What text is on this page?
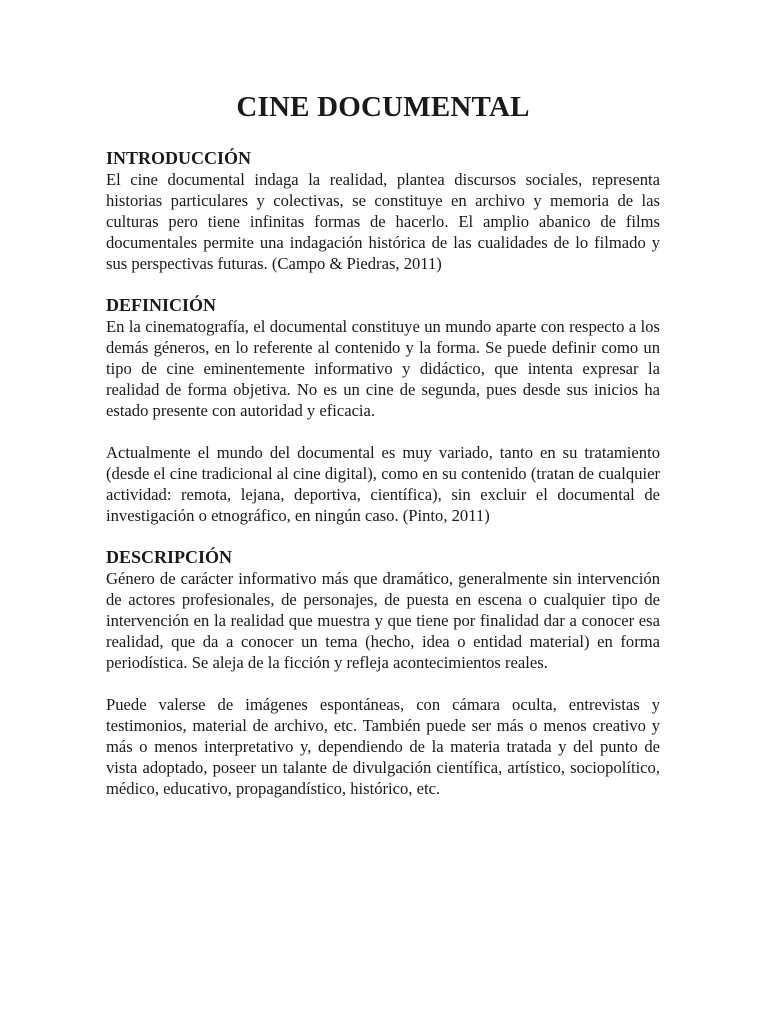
CINE DOCUMENTAL
INTRODUCCIÓN

El cine documental indaga la realidad, plantea discursos sociales, representa historias particulares y colectivas, se constituye en archivo y memoria de las culturas pero tiene infinitas formas de hacerlo. El amplio abanico de films documentales permite una indagación histórica de las cualidades de lo filmado y sus perspectivas futuras. (Campo & Piedras, 2011)

DEFINICIÓN

En la cinematografía, el documental constituye un mundo aparte con respecto a los demás géneros, en lo referente al contenido y la forma. Se puede definir como un tipo de cine eminentemente informativo y didáctico, que intenta expresar la realidad de forma objetiva. No es un cine de segunda, pues desde sus inicios ha estado presente con autoridad y eficacia.

Actualmente el mundo del documental es muy variado, tanto en su tratamiento (desde el cine tradicional al cine digital), como en su contenido (tratan de cualquier actividad: remota, lejana, deportiva, científica), sin excluir el documental de investigación o etnográfico, en ningún caso. (Pinto, 2011)

DESCRIPCIÓN

Género de carácter informativo más que dramático, generalmente sin intervención de actores profesionales, de personajes, de puesta en escena o cualquier tipo de intervención en la realidad que muestra y que tiene por finalidad dar a conocer esa realidad, que da a conocer un tema (hecho, idea o entidad material) en forma periodística. Se aleja de la ficción y refleja acontecimientos reales.

Puede valerse de imágenes espontáneas, con cámara oculta, entrevistas y testimonios, material de archivo, etc. También puede ser más o menos creativo y más o menos interpretativo y, dependiendo de la materia tratada y del punto de vista adoptado, poseer un talante de divulgación científica, artístico, sociopolítico, médico, educativo, propagandístico, histórico, etc.
